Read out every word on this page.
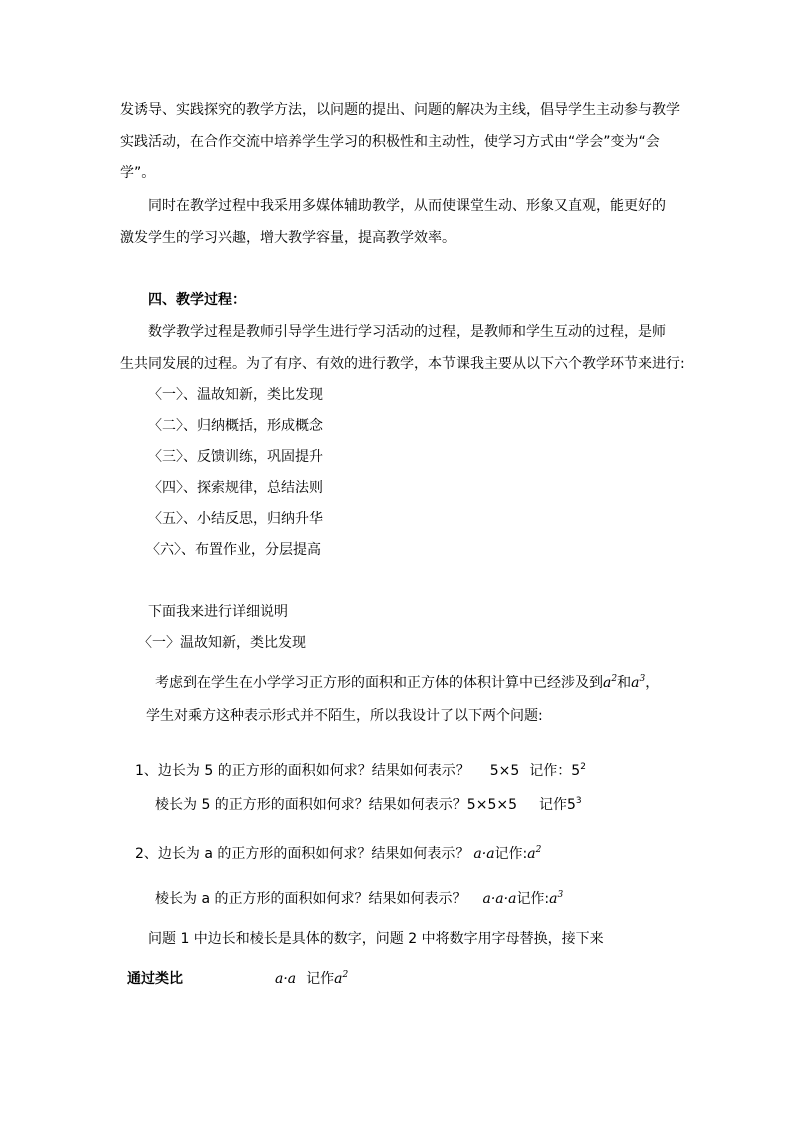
发诱导、实践探究的教学方法，以问题的提出、问题的解决为主线，倡导学生主动参与教学
实践活动，在合作交流中培养学生学习的积极性和主动性，使学习方式由“学会”变为“会
学”。
同时在教学过程中我采用多媒体辅助教学，从而使课堂生动、形象又直观，能更好的
激发学生的学习兴趣，增大教学容量，提高教学效率。
四、教学过程：
数学教学过程是教师引导学生进行学习活动的过程，是教师和学生互动的过程，是师
生共同发展的过程。为了有序、有效的进行教学，本节课我主要从以下六个教学环节来进行:
〈一〉、温故知新，类比发现
〈二〉、归纳概括，形成概念
〈三〉、反馈训练，巩固提升
〈四〉、探索规律，总结法则
〈五〉、小结反思，归纳升华
〈六〉、布置作业，分层提高
下面我来进行详细说明
〈一〉温故知新，类比发现
考虑到在学生在小学学习正方形的面积和正方体的体积计算中已经涉及到$a^2$和$a^3$，
学生对乘方这种表示形式并不陌生，所以我设计了以下两个问题:
1、边长为 5 的正方形的面积如何求？结果如何表示？ 5×5 记作：$5^2$
棱长为 5 的正方形的面积如何求？结果如何表示？5×5×5 记作$5^3$
2、边长为 a 的正方形的面积如何求？结果如何表示？ a·a记作$:a^2$
棱长为 a 的正方形的面积如何求？结果如何表示？ a·a·a记作$:a^3$
问题 1 中边长和棱长是具体的数字，问题 2 中将数字用字母替换，接下来
通过类比	a·a 记作$a^2$
